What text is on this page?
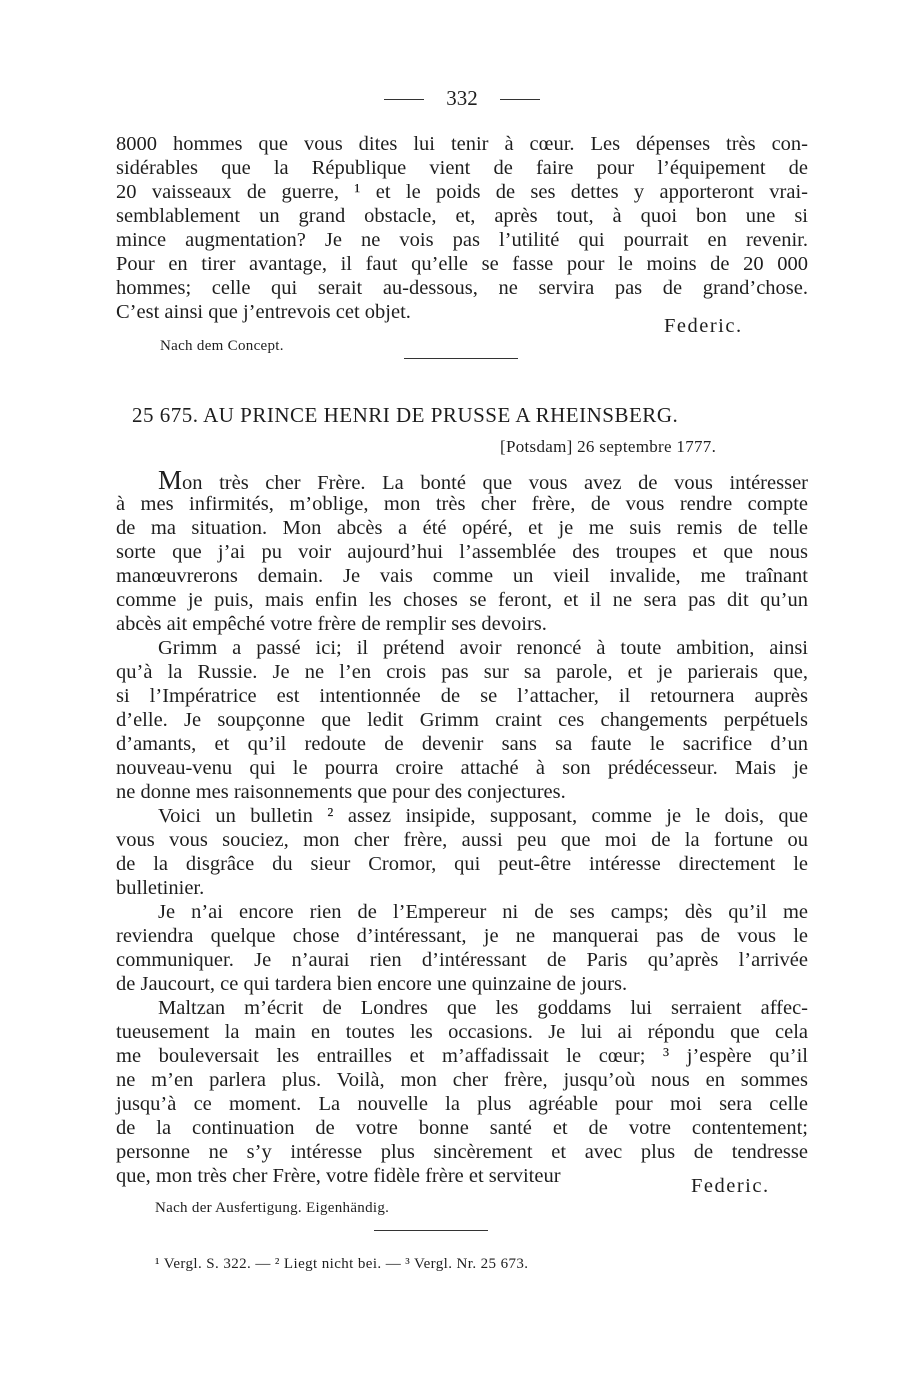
332
8000 hommes que vous dites lui tenir à cœur. Les dépenses très con-
sidérables que la République vient de faire pour l’équipement de
20 vaisseaux de guerre, ¹ et le poids de ses dettes y apporteront vrai-
semblablement un grand obstacle, et, après tout, à quoi bon une si
mince augmentation? Je ne vois pas l’utilité qui pourrait en revenir.
Pour en tirer avantage, il faut qu’elle se fasse pour le moins de 20 000
hommes; celle qui serait au-dessous, ne servira pas de grand’chose.
C’est ainsi que j’entrevois cet objet.
Federic.
Nach dem Concept.
25 675. AU PRINCE HENRI DE PRUSSE A RHEINSBERG.
[Potsdam] 26 septembre 1777.
Mon très cher Frère. La bonté que vous avez de vous intéresser
à mes infirmités, m’oblige, mon très cher frère, de vous rendre compte
de ma situation. Mon abcès a été opéré, et je me suis remis de telle
sorte que j’ai pu voir aujourd’hui l’assemblée des troupes et que nous
manœuvrerons demain. Je vais comme un vieil invalide, me traînant
comme je puis, mais enfin les choses se feront, et il ne sera pas dit qu’un
abcès ait empêché votre frère de remplir ses devoirs.
Grimm a passé ici; il prétend avoir renoncé à toute ambition, ainsi
qu’à la Russie. Je ne l’en crois pas sur sa parole, et je parierais que,
si l’Impératrice est intentionnée de se l’attacher, il retournera auprès
d’elle. Je soupçonne que ledit Grimm craint ces changements perpétuels
d’amants, et qu’il redoute de devenir sans sa faute le sacrifice d’un
nouveau-venu qui le pourra croire attaché à son prédécesseur. Mais je
ne donne mes raisonnements que pour des conjectures.
Voici un bulletin ² assez insipide, supposant, comme je le dois, que
vous vous souciez, mon cher frère, aussi peu que moi de la fortune ou
de la disgrâce du sieur Cromor, qui peut-être intéresse directement le
bulletinier.
Je n’ai encore rien de l’Empereur ni de ses camps; dès qu’il me
reviendra quelque chose d’intéressant, je ne manquerai pas de vous le
communiquer. Je n’aurai rien d’intéressant de Paris qu’après l’arrivée
de Jaucourt, ce qui tardera bien encore une quinzaine de jours.
Maltzan m’écrit de Londres que les goddams lui serraient affec-
tueusement la main en toutes les occasions. Je lui ai répondu que cela
me bouleversait les entrailles et m’affadissait le cœur; ³ j’espère qu’il
ne m’en parlera plus. Voilà, mon cher frère, jusqu’où nous en sommes
jusqu’à ce moment. La nouvelle la plus agréable pour moi sera celle
de la continuation de votre bonne santé et de votre contentement;
personne ne s’y intéresse plus sincèrement et avec plus de tendresse
que, mon très cher Frère, votre fidèle frère et serviteur	Federic.
Nach der Ausfertigung. Eigenhändig.
¹ Vergl. S. 322. — ² Liegt nicht bei. — ³ Vergl. Nr. 25 673.
